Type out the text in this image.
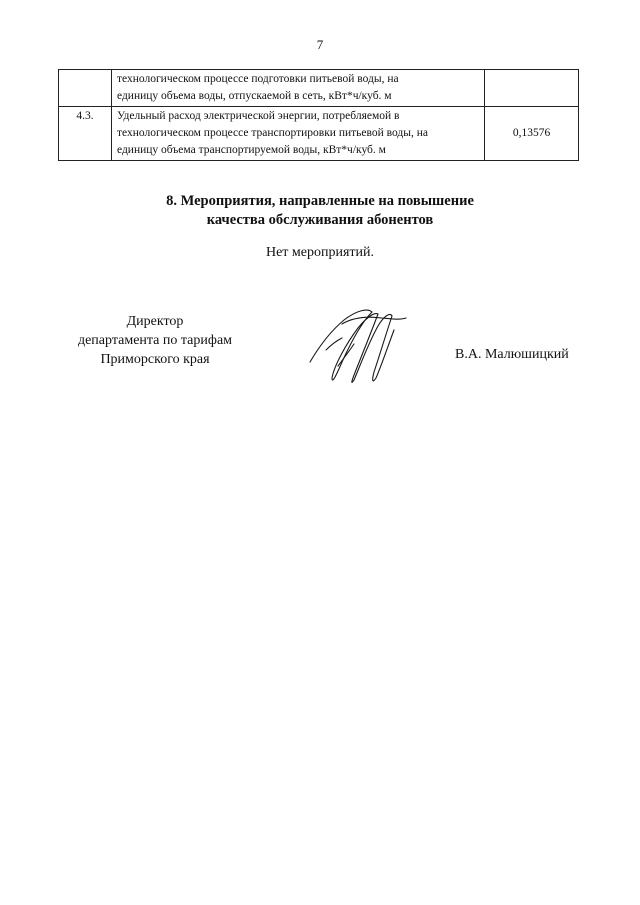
7

	технологическом процессе подготовки питьевой воды, на
единицу объема воды, отпускаемой в сеть, кВт*ч/куб. м	

4.3.	Удельный расход электрической энергии, потребляемой в
технологическом процессе транспортировки питьевой воды, на
единицу объема транспортируемой воды, кВт*ч/куб. м	0,13576
8. Мероприятия, направленные на повышение
качества обслуживания абонентов
Нет мероприятий.
Директор
департамента по тарифам
Приморского края	В.А. Малюшицкий
